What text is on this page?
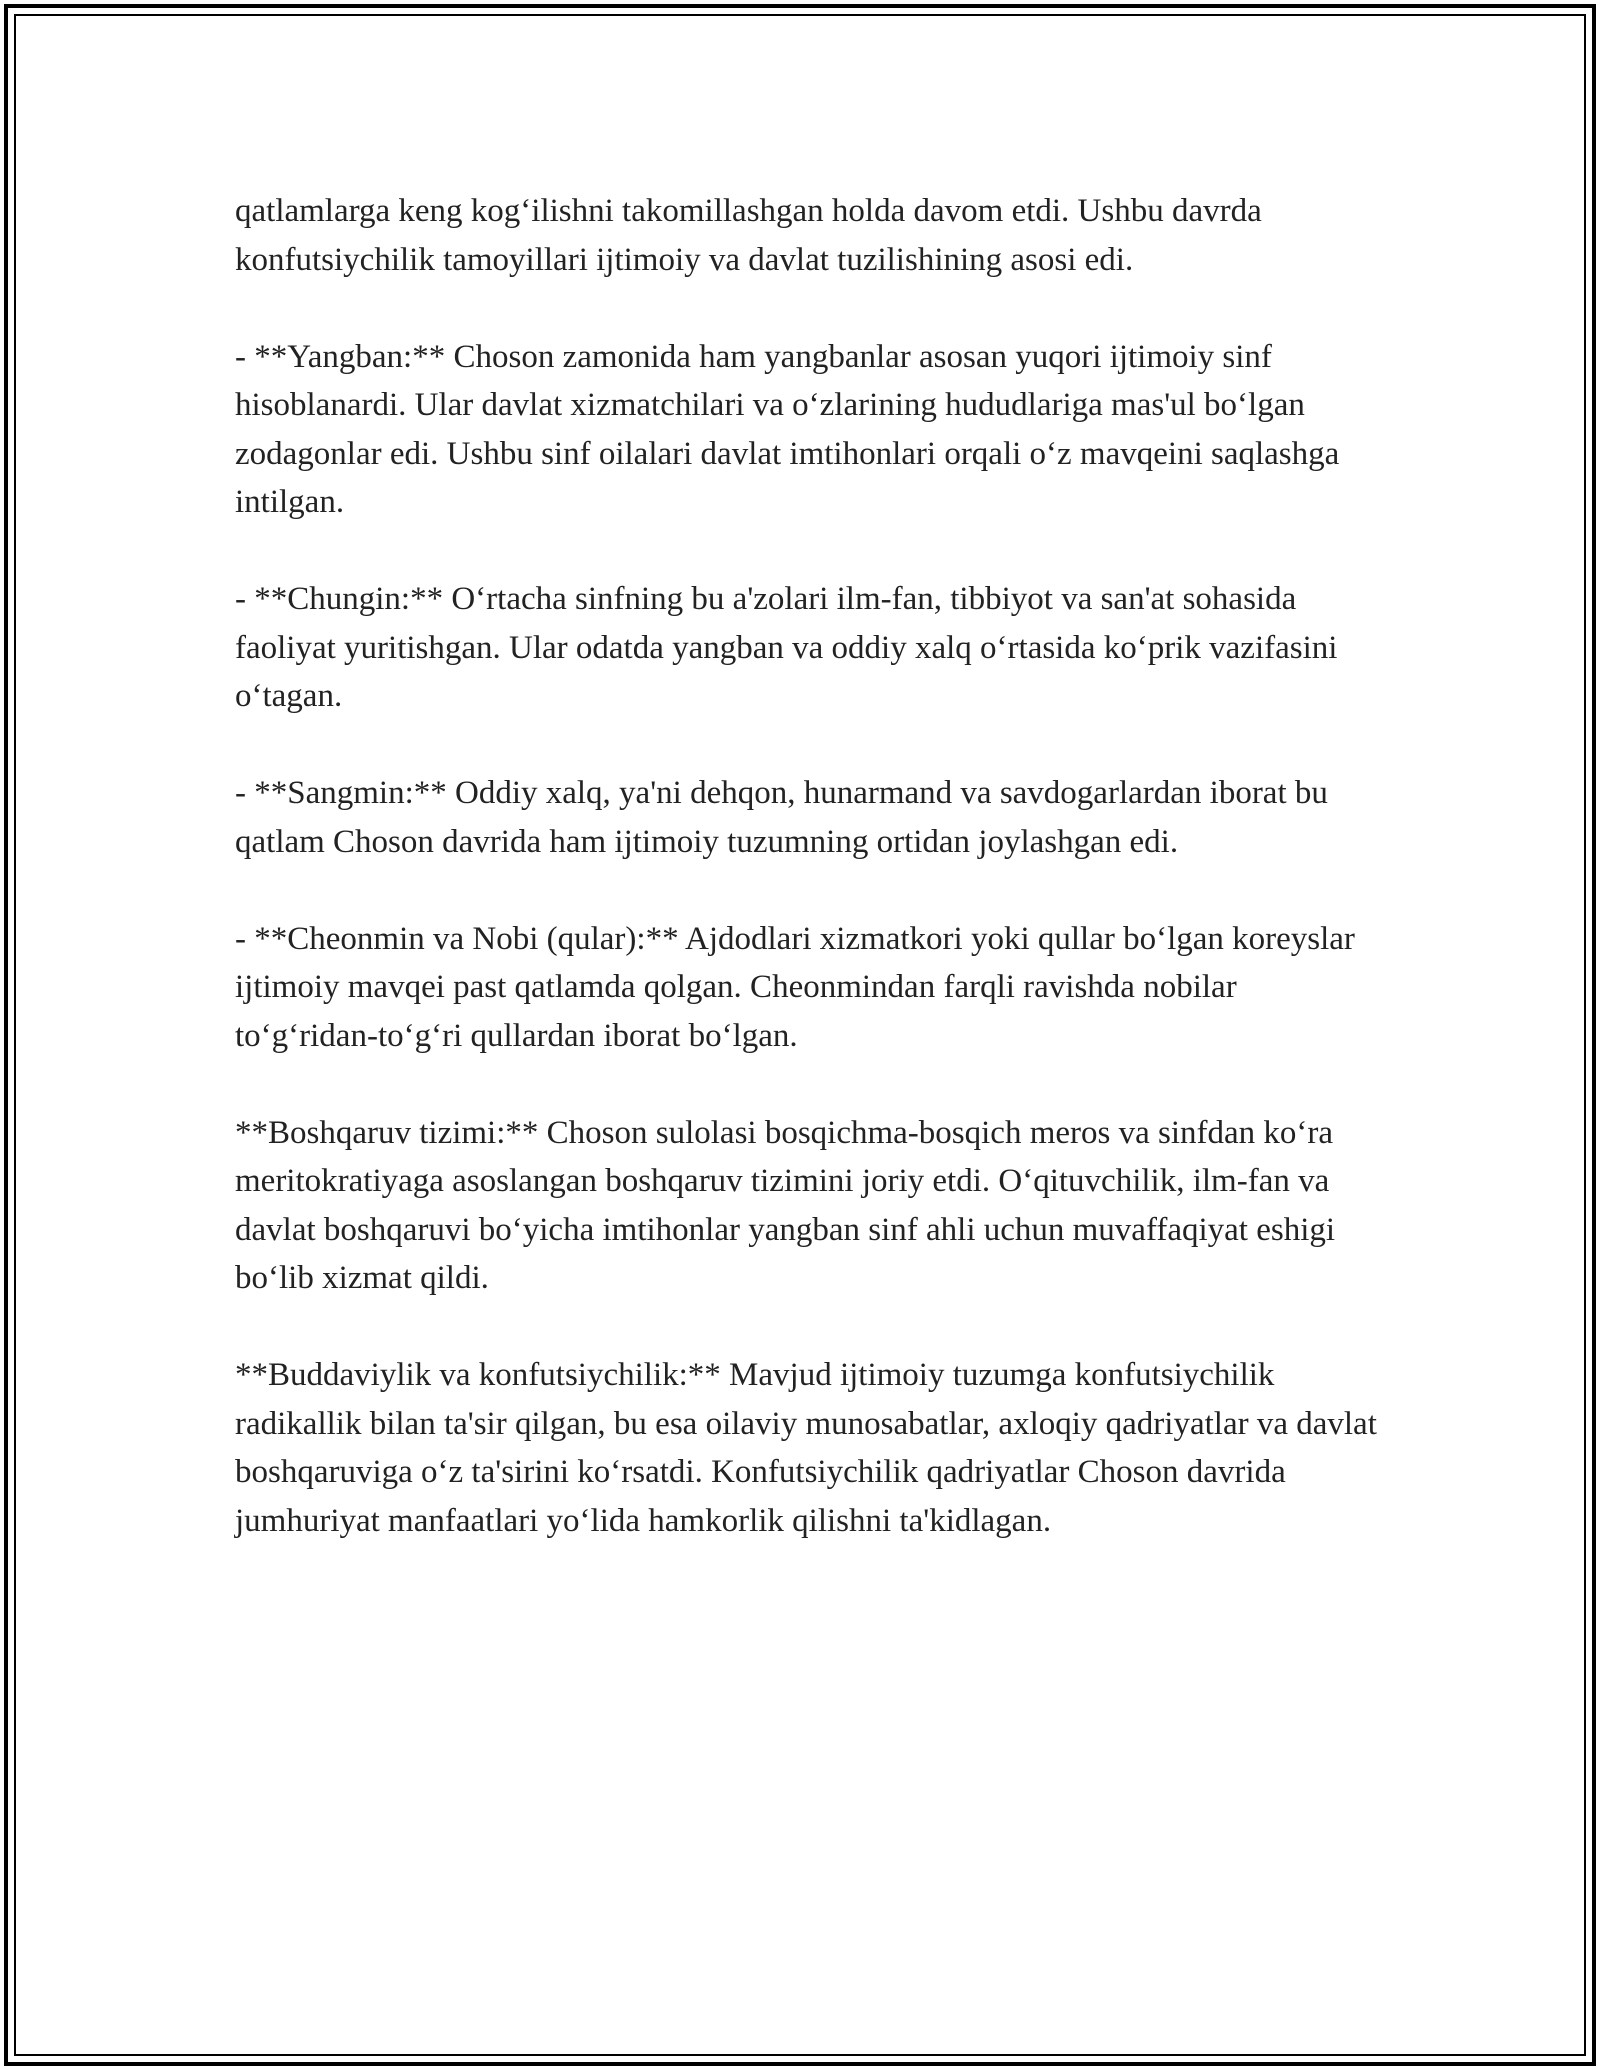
qatlamlarga keng kog‘ilishni takomillashgan holda davom etdi. Ushbu davrda konfutsiychilik tamoyillari ijtimoiy va davlat tuzilishining asosi edi.

- **Yangban:** Choson zamonida ham yangbanlar asosan yuqori ijtimoiy sinf hisoblanardi. Ular davlat xizmatchilari va o‘zlarining hududlariga mas'ul bo‘lgan zodagonlar edi. Ushbu sinf oilalari davlat imtihonlari orqali o‘z mavqeini saqlashga intilgan.

- **Chungin:** O‘rtacha sinfning bu a'zolari ilm-fan, tibbiyot va san'at sohasida faoliyat yuritishgan. Ular odatda yangban va oddiy xalq o‘rtasida ko‘prik vazifasini o‘tagan.

- **Sangmin:** Oddiy xalq, ya'ni dehqon, hunarmand va savdogarlardan iborat bu qatlam Choson davrida ham ijtimoiy tuzumning ortidan joylashgan edi.

- **Cheonmin va Nobi (qular):** Ajdodlari xizmatkori yoki qullar bo‘lgan koreyslar ijtimoiy mavqei past qatlamda qolgan. Cheonmindan farqli ravishda nobilar to‘g‘ridan-to‘g‘ri qullardan iborat bo‘lgan.

**Boshqaruv tizimi:** Choson sulolasi bosqichma-bosqich meros va sinfdan ko‘ra meritokratiyaga asoslangan boshqaruv tizimini joriy etdi. O‘qituvchilik, ilm-fan va davlat boshqaruvi bo‘yicha imtihonlar yangban sinf ahli uchun muvaffaqiyat eshigi bo‘lib xizmat qildi.

**Buddaviylik va konfutsiychilik:** Mavjud ijtimoiy tuzumga konfutsiychilik radikallik bilan ta'sir qilgan, bu esa oilaviy munosabatlar, axloqiy qadriyatlar va davlat boshqaruviga o‘z ta'sirini ko‘rsatdi. Konfutsiychilik qadriyatlar Choson davrida jumhuriyat manfaatlari yo‘lida hamkorlik qilishni ta'kidlagan.
